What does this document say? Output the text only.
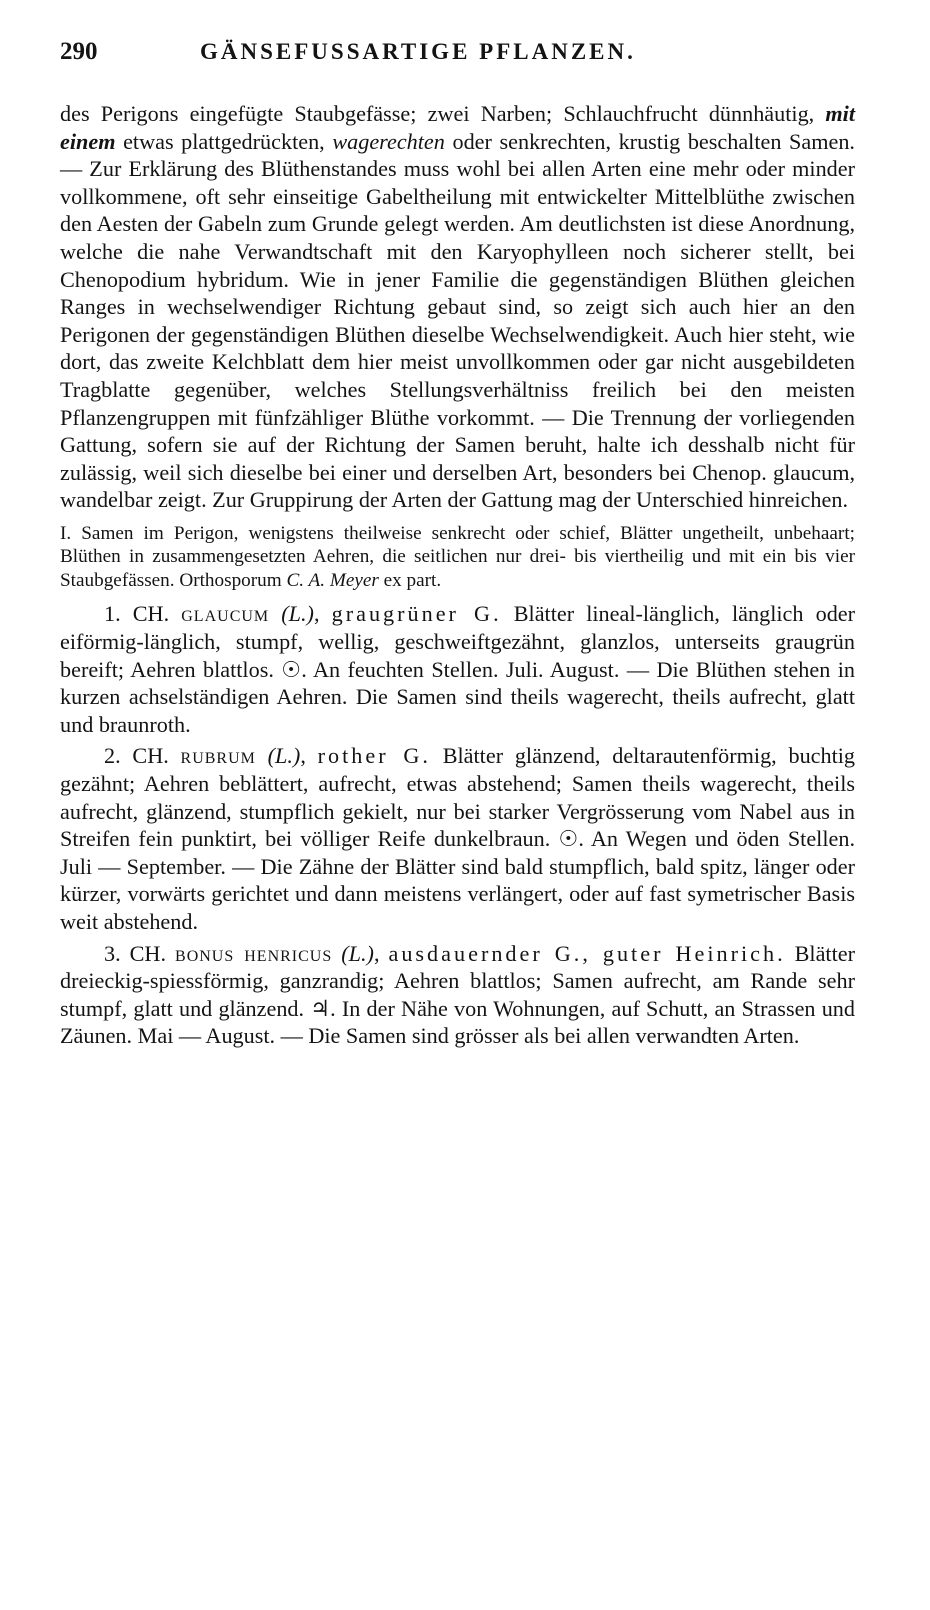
290	GÄNSEFUSSARTIGE PFLANZEN.

des Perigons eingefügte Staubgefässe; zwei Narben; Schlauchfrucht dünnhäutig, mit einem etwas plattgedrückten, wagerechten oder senkrechten, krustig beschalten Samen. — Zur Erklärung des Blüthenstandes muss wohl bei allen Arten eine mehr oder minder vollkommene, oft sehr einseitige Gabeltheilung mit entwickelter Mittelblüthe zwischen den Aesten der Gabeln zum Grunde gelegt werden. Am deutlichsten ist diese Anordnung, welche die nahe Verwandtschaft mit den Karyophylleen noch sicherer stellt, bei Chenopodium hybridum. Wie in jener Familie die gegenständigen Blüthen gleichen Ranges in wechselwendiger Richtung gebaut sind, so zeigt sich auch hier an den Perigonen der gegenständigen Blüthen dieselbe Wechselwendigkeit. Auch hier steht, wie dort, das zweite Kelchblatt dem hier meist unvollkommen oder gar nicht ausgebildeten Tragblatte gegenüber, welches Stellungsverhältniss freilich bei den meisten Pflanzengruppen mit fünfzähliger Blüthe vorkommt. — Die Trennung der vorliegenden Gattung, sofern sie auf der Richtung der Samen beruht, halte ich desshalb nicht für zulässig, weil sich dieselbe bei einer und derselben Art, besonders bei Chenop. glaucum, wandelbar zeigt. Zur Gruppirung der Arten der Gattung mag der Unterschied hinreichen.

I. Samen im Perigon, wenigstens theilweise senkrecht oder schief, Blätter ungetheilt, unbehaart; Blüthen in zusammengesetzten Aehren, die seitlichen nur drei- bis viertheilig und mit ein bis vier Staubgefässen. Orthosporum C. A. Meyer ex part.

1. CH. glaucum (L.), graugrüner G. Blätter lineal-länglich, länglich oder eiförmig-länglich, stumpf, wellig, geschweiftgezähnt, glanzlos, unterseits graugrün bereift; Aehren blattlos. ☉. An feuchten Stellen. Juli. August. — Die Blüthen stehen in kurzen achselständigen Aehren. Die Samen sind theils wagerecht, theils aufrecht, glatt und braunroth.

2. CH. rubrum (L.), rother G. Blätter glänzend, deltarautenförmig, buchtig gezähnt; Aehren beblättert, aufrecht, etwas abstehend; Samen theils wagerecht, theils aufrecht, glänzend, stumpflich gekielt, nur bei starker Vergrösserung vom Nabel aus in Streifen fein punktirt, bei völliger Reife dunkelbraun. ☉. An Wegen und öden Stellen. Juli — September. — Die Zähne der Blätter sind bald stumpflich, bald spitz, länger oder kürzer, vorwärts gerichtet und dann meistens verlängert, oder auf fast symetrischer Basis weit abstehend.

3. CH. bonus henricus (L.), ausdauernder G., guter Heinrich. Blätter dreieckig-spiessförmig, ganzrandig; Aehren blattlos; Samen aufrecht, am Rande sehr stumpf, glatt und glänzend. ♃. In der Nähe von Wohnungen, auf Schutt, an Strassen und Zäunen. Mai — August. — Die Samen sind grösser als bei allen verwandten Arten.
